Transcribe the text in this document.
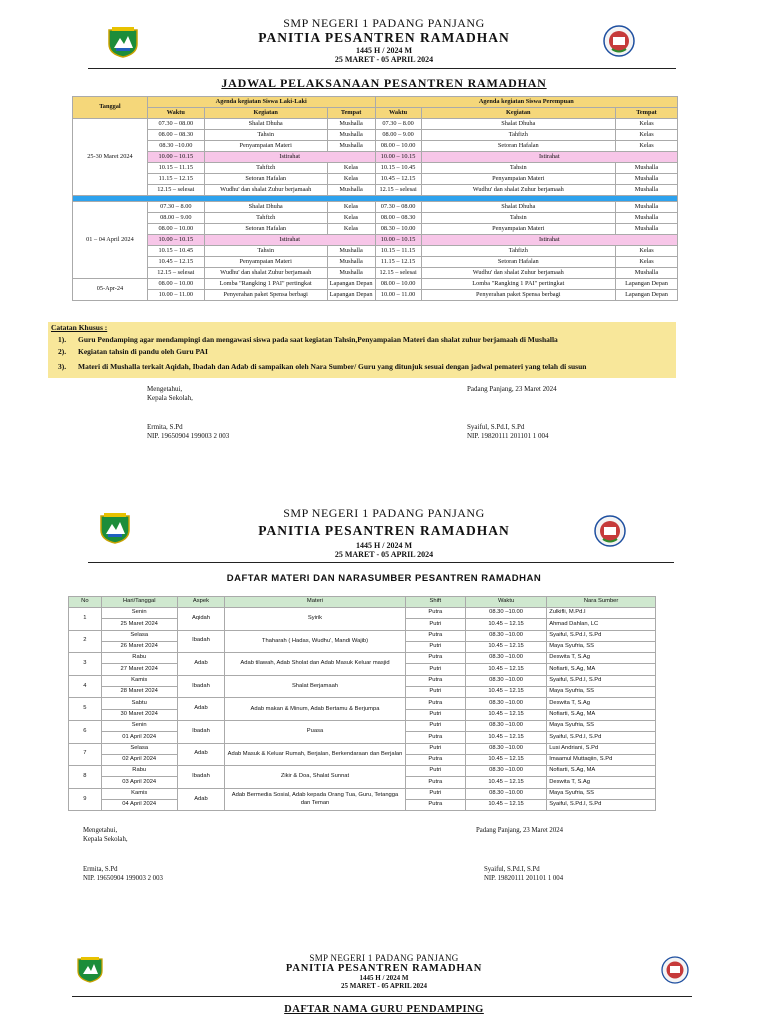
SMP NEGERI 1 PADANG PANJANG
PANITIA PESANTREN RAMADHAN
1445 H / 2024 M
25 MARET - 05 APRIL 2024
JADWAL PELAKSANAAN PESANTREN RAMADHAN
Tanggal	Agenda kegiatan Siswa Laki-Laki			Agenda kegiatan Siswa Perempuan		
	Waktu	Kegiatan	Tempat	Waktu	Kegiatan	Tempat
25-30 Maret 2024	07.30 – 08.00	Shalat Dhuha	Mushalla	07.30 – 8.00	Shalat Dhuha	Kelas
	08.00 – 08.30	Tahsin	Mushalla	08.00 – 9.00	Tahfizh	Kelas
	08.30 –10.00	Penyampaian Materi	Mushalla	08.00 – 10.00	Setoran Hafalan	Kelas
	10.00 – 10.15	Istirahat		10.00 – 10.15	Istirahat	
	10.15 – 11.15	Tahfizh	Kelas	10.15 – 10.45	Tahsin	Mushalla
	11.15 – 12.15	Setoran Hafalan	Kelas	10.45 – 12.15	Penyampaian Materi	Mushalla
	12.15 – selesai	Wudhu' dan shalat Zuhur berjamaah	Mushalla	12.15 – selesai	Wudhu' dan shalat Zuhur berjamaah	Mushalla

01 – 04 April 2024	07.30 – 8.00	Shalat Dhuha	Kelas	07.30 – 08.00	Shalat Dhuha	Mushalla
	08.00 – 9.00	Tahfizh	Kelas	08.00 – 08.30	Tahsin	Mushalla
	08.00 – 10.00	Setoran Hafalan	Kelas	08.30 – 10.00	Penyampaian Materi	Mushalla
	10.00 – 10.15	Istirahat		10.00 – 10.15	Istirahat	
	10.15 – 10.45	Tahsin	Mushalla	10.15 – 11.15	Tahfizh	Kelas
	10.45 – 12.15	Penyampaian Materi	Mushalla	11.15 – 12.15	Setoran Hafalan	Kelas
	12.15 – selesai	Wudhu' dan shalat Zuhur berjamaah	Mushalla	12.15 – selesai	Wudhu' dan shalat Zuhur berjamaah	Mushalla
05-Apr-24	08.00 – 10.00	Lomba "Rangking 1 PAI" pertingkat	Lapangan Depan	08.00 – 10.00	Lomba "Rangking 1 PAI" pertingkat	Lapangan Depan
	10.00 – 11.00	Penyerahan paket Spensa berbagi	Lapangan Depan	10.00 – 11.00	Penyerahan paket Spensa berbagi	Lapangan Depan
Catatan Khusus :
1). Guru Pendamping agar mendampingi dan mengawasi siswa pada saat kegiatan Tahsin,Penyampaian Materi dan shalat zuhur berjamaah di Mushalla
2). Kegiatan tahsin di pandu oleh Guru PAI
3). Materi di Mushalla terkait Aqidah, Ibadah dan Adab di sampaikan oleh Nara Sumber/ Guru yang ditunjuk sesuai dengan jadwal pemateri yang telah di susun
Mengetahui,
Kepala Sekolah,
Padang Panjang, 23 Maret 2024
Ermita, S.Pd
NIP. 19650904 199003 2 003
Syaiful, S.Pd.I, S.Pd
NIP. 19820111 201101 1 004
SMP NEGERI 1 PADANG PANJANG
PANITIA PESANTREN RAMADHAN
1445 H / 2024 M
25 MARET - 05 APRIL 2024
DAFTAR MATERI DAN NARASUMBER PESANTREN RAMADHAN
No	Hari/Tanggal	Aspek	Materi	Shift	Waktu	Nara Sumber
1	Senin	Aqidah	Syirik	Putra	08.30 –10.00	Zulkifli, M.Pd.I
	25 Maret 2024			Putri	10.45 – 12.15	Ahmad Dahlan, LC
2	Selasa	Ibadah	Thaharah ( Hadas, Wudhu', Mandi Wajib)	Putra	08.30 –10.00	Syaiful, S.Pd.I, S.Pd
	26 Maret 2024			Putri	10.45 – 12.15	Maya Syufria, SS
3	Rabu	Adab	Adab tilawah, Adab Sholat dan Adab Masuk Keluar masjid	Putra	08.30 –10.00	Deswita T, S.Ag
	27 Maret 2024			Putri	10.45 – 12.15	Nofiarti, S.Ag, MA
4	Kamis	Ibadah	Shalat Berjamaah	Putra	08.30 –10.00	Syaiful, S.Pd.I, S.Pd
	28 Maret 2024			Putri	10.45 – 12.15	Maya Syufria, SS
5	Sabtu	Adab	Adab makan & Minum, Adab Bertamu & Berjumpa	Putra	08.30 –10.00	Deswita T, S.Ag
	30 Maret 2024			Putri	10.45 – 12.15	Nofiarti, S.Ag, MA
6	Senin	Ibadah	Puasa	Putri	08.30 –10.00	Maya Syufria, SS
	01 April 2024			Putra	10.45 – 12.15	Syaiful, S.Pd.I, S.Pd
7	Selasa	Adab	Adab Masuk & Keluar Rumah, Berjalan, Berkendaraan dan Berjalan	Putri	08.30 –10.00	Lusi Andriani, S.Pd
	02 April 2024			Putra	10.45 – 12.15	Imaamul Muttaqiin, S.Pd
8	Rabu	Ibadah	Zikir & Doa, Shalat Sunnat	Putri	08.30 –10.00	Nofiarti, S.Ag, MA
	03 April 2024			Putra	10.45 – 12.15	Deswita T, S.Ag
9	Kamis	Adab	Adab Bermedia Sosial, Adab kepada Orang Tua, Guru, Tetangga dan Teman	Putri	08.30 –10.00	Maya Syufria, SS
	04 April 2024			Putra	10.45 – 12.15	Syaiful, S.Pd.I, S.Pd
Mengetahui,
Kepala Sekolah,
Padang Panjang, 23 Maret 2024
Ermita, S.Pd
NIP. 19650904 199003 2 003
Syaiful, S.Pd.I, S.Pd
NIP. 19820111 201101 1 004
SMP NEGERI 1 PADANG PANJANG
PANITIA PESANTREN RAMADHAN
1445 H / 2024 M
25 MARET - 05 APRIL 2024
DAFTAR NAMA GURU PENDAMPING
